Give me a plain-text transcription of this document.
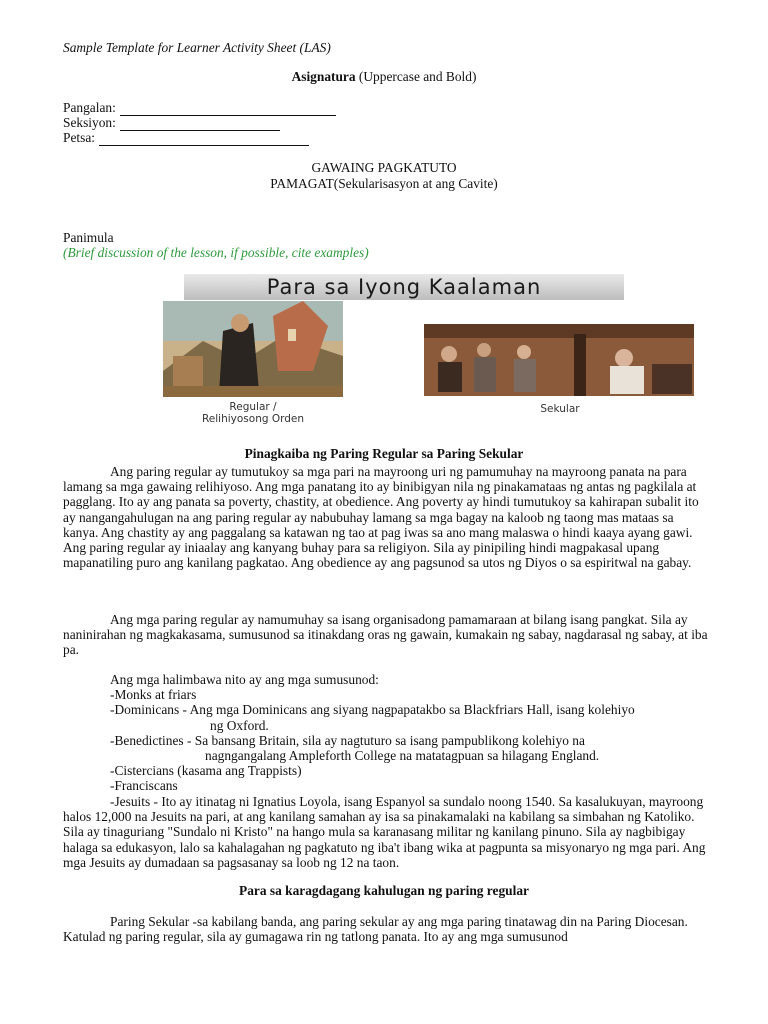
Sample Template for Learner Activity Sheet (LAS)
Asignatura (Uppercase and Bold)
Pangalan:
Seksiyon:
Petsa:
GAWAING PAGKATUTO
PAMAGAT(Sekularisasyon at ang Cavite)
Panimula
(Brief discussion of the lesson, if possible, cite examples)
Para sa Iyong Kaalaman
Regular /
Relihiyosong Orden
Sekular
Pinagkaiba ng Paring Regular sa Paring Sekular

Ang paring regular ay tumutukoy sa mga pari na mayroong uri ng pamumuhay na mayroong panata na para lamang sa mga gawaing relihiyoso. Ang mga panatang ito ay binibigyan nila ng pinakamataas ng antas ng pagkilala at pagglang. Ito ay ang panata sa poverty, chastity, at obedience. Ang poverty ay hindi tumutukoy sa kahirapan subalit ito ay nangangahulugan na ang paring regular ay nabubuhay lamang sa mga bagay na kaloob ng taong mas mataas sa kanya. Ang chastity ay ang paggalang sa katawan ng tao at pag iwas sa ano mang malaswa o hindi kaaya ayang gawi. Ang paring regular ay iniaalay ang kanyang buhay para sa religiyon. Sila ay pinipiling hindi magpakasal upang mapanatiling puro ang kanilang pagkatao. Ang obedience ay ang pagsunod sa utos ng Diyos o sa espiritwal na gabay.

Ang mga paring regular ay namumuhay sa isang organisadong pamamaraan at bilang isang pangkat. Sila ay naninirahan ng magkakasama, sumusunod sa itinakdang oras ng gawain, kumakain ng sabay, nagdarasal ng sabay, at iba pa.

Ang mga halimbawa nito ay ang mga sumusunod:
-Monks at friars
-Dominicans - Ang mga Dominicans ang siyang nagpapatakbo sa Blackfriars Hall, isang kolehiyo
ng Oxford.
-Benedictines - Sa bansang Britain, sila ay nagtuturo sa isang pampublikong kolehiyo na
nagngangalang Ampleforth College na matatagpuan sa hilagang England.
-Cistercians (kasama ang Trappists)
-Franciscans

-Jesuits - Ito ay itinatag ni Ignatius Loyola, isang Espanyol sa sundalo noong 1540. Sa kasalukuyan, mayroong halos 12,000 na Jesuits na pari, at ang kanilang samahan ay isa sa pinakamalaki na kabilang sa simbahan ng Katoliko. Sila ay tinaguriang "Sundalo ni Kristo" na hango mula sa karanasang militar ng kanilang pinuno. Sila ay nagbibigay halaga sa edukasyon, lalo sa kahalagahan ng pagkatuto ng iba't ibang wika at pagpunta sa misyonaryo ng mga pari. Ang mga Jesuits ay dumadaan sa pagsasanay sa loob ng 12 na taon.

Para sa karagdagang kahulugan ng paring regular

Paring Sekular -sa kabilang banda, ang paring sekular ay ang mga paring tinatawag din na Paring Diocesan. Katulad ng paring regular, sila ay gumagawa rin ng tatlong panata. Ito ay ang mga sumusunod
